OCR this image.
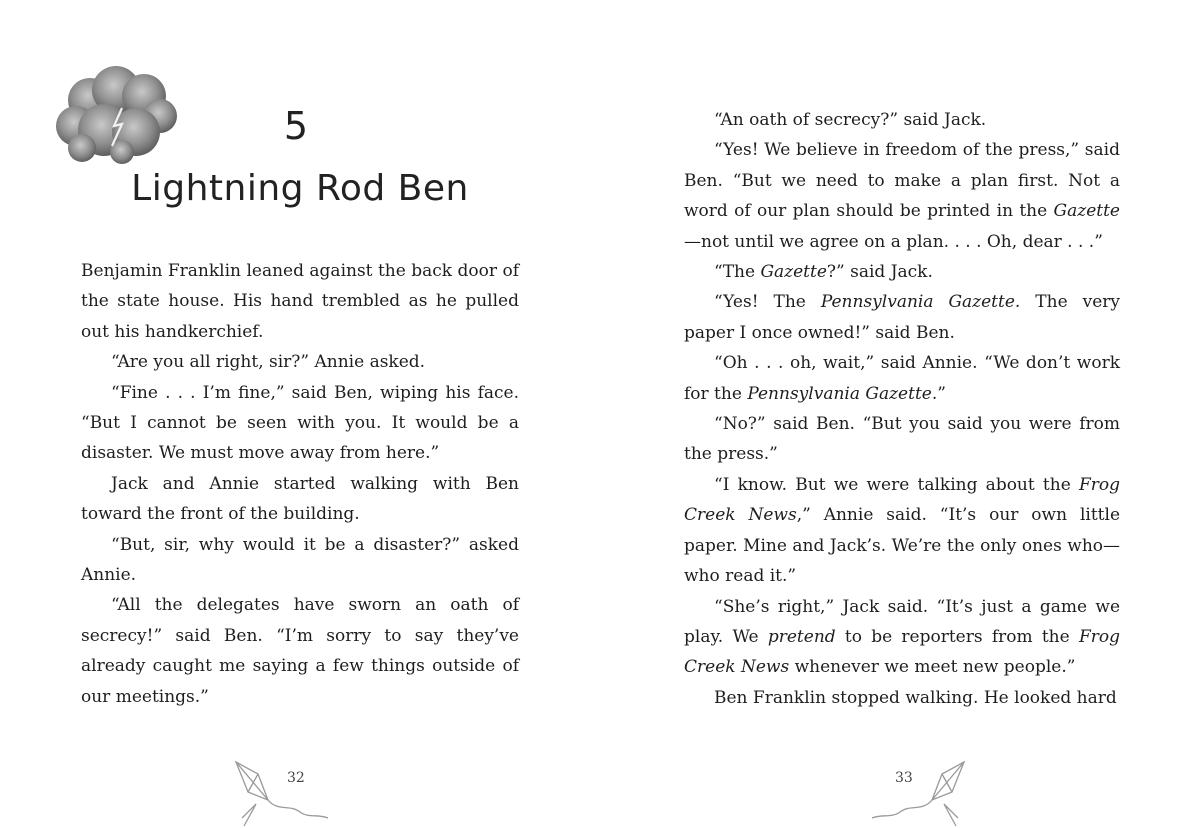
5
Lightning Rod Ben

Benjamin Franklin leaned against the back door of the state house. His hand trembled as he pulled out his handkerchief.

“Are you all right, sir?” Annie asked.

“Fine . . . I’m fine,” said Ben, wiping his face. “But I cannot be seen with you. It would be a disaster. We must move away from here.”

Jack and Annie started walking with Ben toward the front of the building.

“But, sir, why would it be a disaster?” asked Annie.

“All the delegates have sworn an oath of secrecy!” said Ben. “I’m sorry to say they’ve already caught me saying a few things outside of our meetings.”

32

“An oath of secrecy?” said Jack.

“Yes! We believe in freedom of the press,” said Ben. “But we need to make a plan first. Not a word of our plan should be printed in the Gazette—not until we agree on a plan. . . . Oh, dear . . .”

“The Gazette?” said Jack.

“Yes! The Pennsylvania Gazette. The very paper I once owned!” said Ben.

“Oh . . . oh, wait,” said Annie. “We don’t work for the Pennsylvania Gazette.”

“No?” said Ben. “But you said you were from the press.”

“I know. But we were talking about the Frog Creek News,” Annie said. “It’s our own little paper. Mine and Jack’s. We’re the only ones who—who read it.”

“She’s right,” Jack said. “It’s just a game we play. We pretend to be reporters from the Frog Creek News whenever we meet new people.”

Ben Franklin stopped walking. He looked hard

33
